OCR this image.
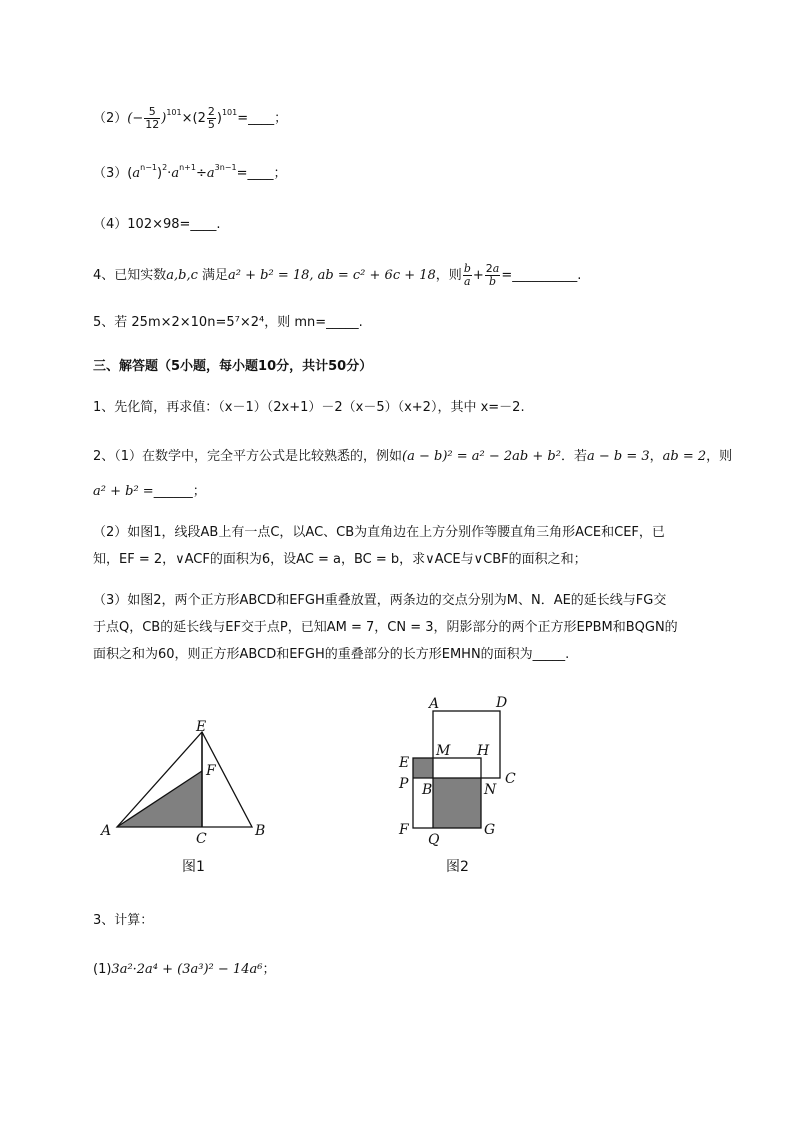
$(2)(- \frac{5}{12} )^{101}\times(2 \frac{2}{5}$ )$^{101}$=____；
$(3)(a^{n-1})^2\cdot a^{n+1}\div a^{3n-1}=\_\_\_\_$；
（4）102×98=____.
4、已知实数a,b,c 满足a² + b² = 18, ab = c² + 6c + 18，则 $\frac{b}{a} + \frac{2a}{b}$ =__________.
5、若 25m×2×10n=5⁷×2⁴，则 mn=_____.
三、解答题（5小题，每小题10分，共计50分）
1、先化简，再求值：（x－1）（2x+1）－2（x－5）（x+2），其中 x=－2.
2、（1）在数学中，完全平方公式是比较熟悉的，例如(a − b)² = a² − 2ab + b²．若a − b = 3，ab = 2，则
a² + b² =______；
（2）如图1，线段AB上有一点C，以AC、CB为直角边在上方分别作等腰直角三角形ACE和CEF，已
知，EF = 2，∨ACF的面积为6，设AC = a，BC = b，求∨ACE与∨CBF的面积之和；
（3）如图2，两个正方形ABCD和EFGH重叠放置，两条边的交点分别为M、N．AE的延长线与FG交
于点Q，CB的延长线与EF交于点P，已知AM = 7，CN = 3，阴影部分的两个正方形EPBM和BQGN的
面积之和为60，则正方形ABCD和EFGH的重叠部分的长方形EMHN的面积为_____.
E
F
A	C	B
图1
A	D
E
M H
P B	N
C
F
Q
G
图2
3、计算：
(1)3a²·2a⁴ + (3a³)² − 14a⁶；
